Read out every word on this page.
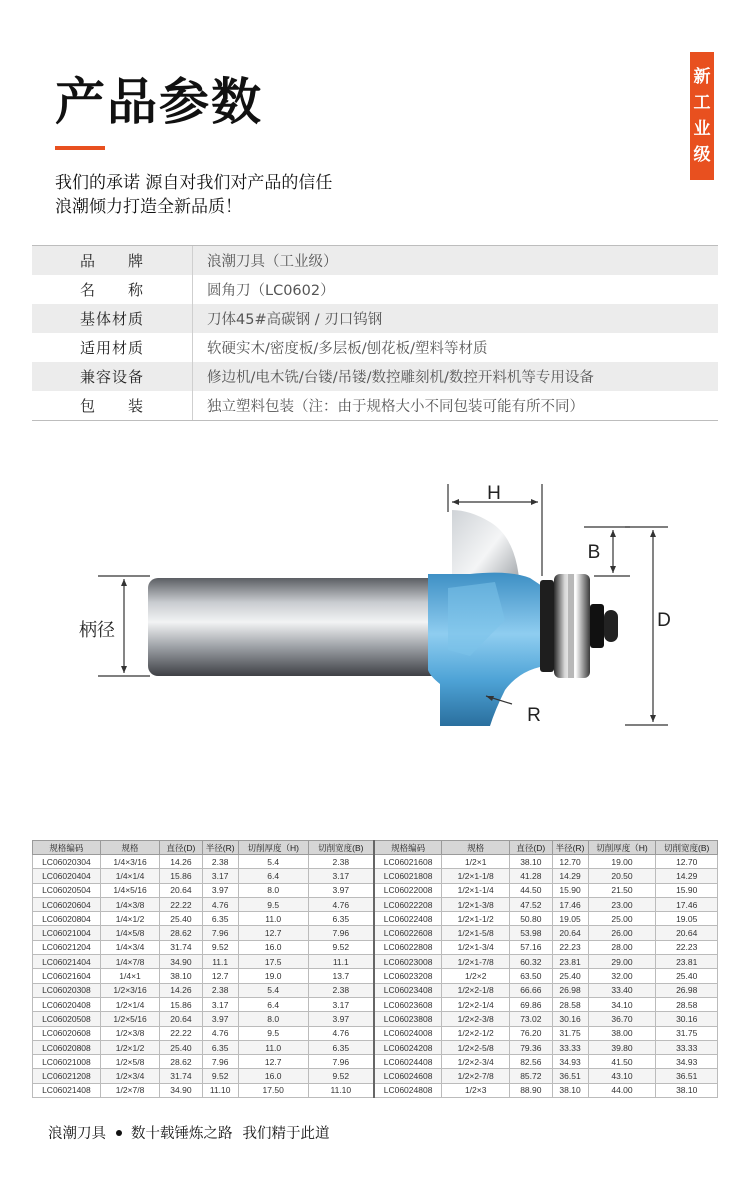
产品参数	新
工
业
级
我们的承诺 源自对我们对产品的信任
浪潮倾力打造全新品质！
品　　牌	浪潮刀具（工业级）
名　　称	圆角刀（LC0602）
基体材质	刀体45#高碳钢 / 刃口钨钢
适用材质	软硬实木/密度板/多层板/刨花板/塑料等材质
兼容设备	修边机/电木铣/台镂/吊镂/数控雕刻机/数控开料机等专用设备
包　　装	独立塑料包装（注：由于规格大小不同包装可能有所不同）
H
B
D
R
柄径
规格编码	规格	直径(D)	半径(R)	切削厚度（H)	切削宽度(B)	规格编码	规格	直径(D)	半径(R)	切削厚度（H)	切削宽度(B)
LC06020304	1/4×3/16	14.26	2.38	5.4	2.38	LC06021608	1/2×1	38.10	12.70	19.00	12.70
LC06020404	1/4×1/4	15.86	3.17	6.4	3.17	LC06021808	1/2×1-1/8	41.28	14.29	20.50	14.29
LC06020504	1/4×5/16	20.64	3.97	8.0	3.97	LC06022008	1/2×1-1/4	44.50	15.90	21.50	15.90
LC06020604	1/4×3/8	22.22	4.76	9.5	4.76	LC06022208	1/2×1-3/8	47.52	17.46	23.00	17.46
LC06020804	1/4×1/2	25.40	6.35	11.0	6.35	LC06022408	1/2×1-1/2	50.80	19.05	25.00	19.05
LC06021004	1/4×5/8	28.62	7.96	12.7	7.96	LC06022608	1/2×1-5/8	53.98	20.64	26.00	20.64
LC06021204	1/4×3/4	31.74	9.52	16.0	9.52	LC06022808	1/2×1-3/4	57.16	22.23	28.00	22.23
LC06021404	1/4×7/8	34.90	11.1	17.5	11.1	LC06023008	1/2×1-7/8	60.32	23.81	29.00	23.81
LC06021604	1/4×1	38.10	12.7	19.0	13.7	LC06023208	1/2×2	63.50	25.40	32.00	25.40
LC06020308	1/2×3/16	14.26	2.38	5.4	2.38	LC06023408	1/2×2-1/8	66.66	26.98	33.40	26.98
LC06020408	1/2×1/4	15.86	3.17	6.4	3.17	LC06023608	1/2×2-1/4	69.86	28.58	34.10	28.58
LC06020508	1/2×5/16	20.64	3.97	8.0	3.97	LC06023808	1/2×2-3/8	73.02	30.16	36.70	30.16
LC06020608	1/2×3/8	22.22	4.76	9.5	4.76	LC06024008	1/2×2-1/2	76.20	31.75	38.00	31.75
LC06020808	1/2×1/2	25.40	6.35	11.0	6.35	LC06024208	1/2×2-5/8	79.36	33.33	39.80	33.33
LC06021008	1/2×5/8	28.62	7.96	12.7	7.96	LC06024408	1/2×2-3/4	82.56	34.93	41.50	34.93
LC06021208	1/2×3/4	31.74	9.52	16.0	9.52	LC06024608	1/2×2-7/8	85.72	36.51	43.10	36.51
LC06021408	1/2×7/8	34.90	11.10	17.50	11.10	LC06024808	1/2×3	88.90	38.10	44.00	38.10
浪潮刀具 数十载锤炼之路 我们精于此道
